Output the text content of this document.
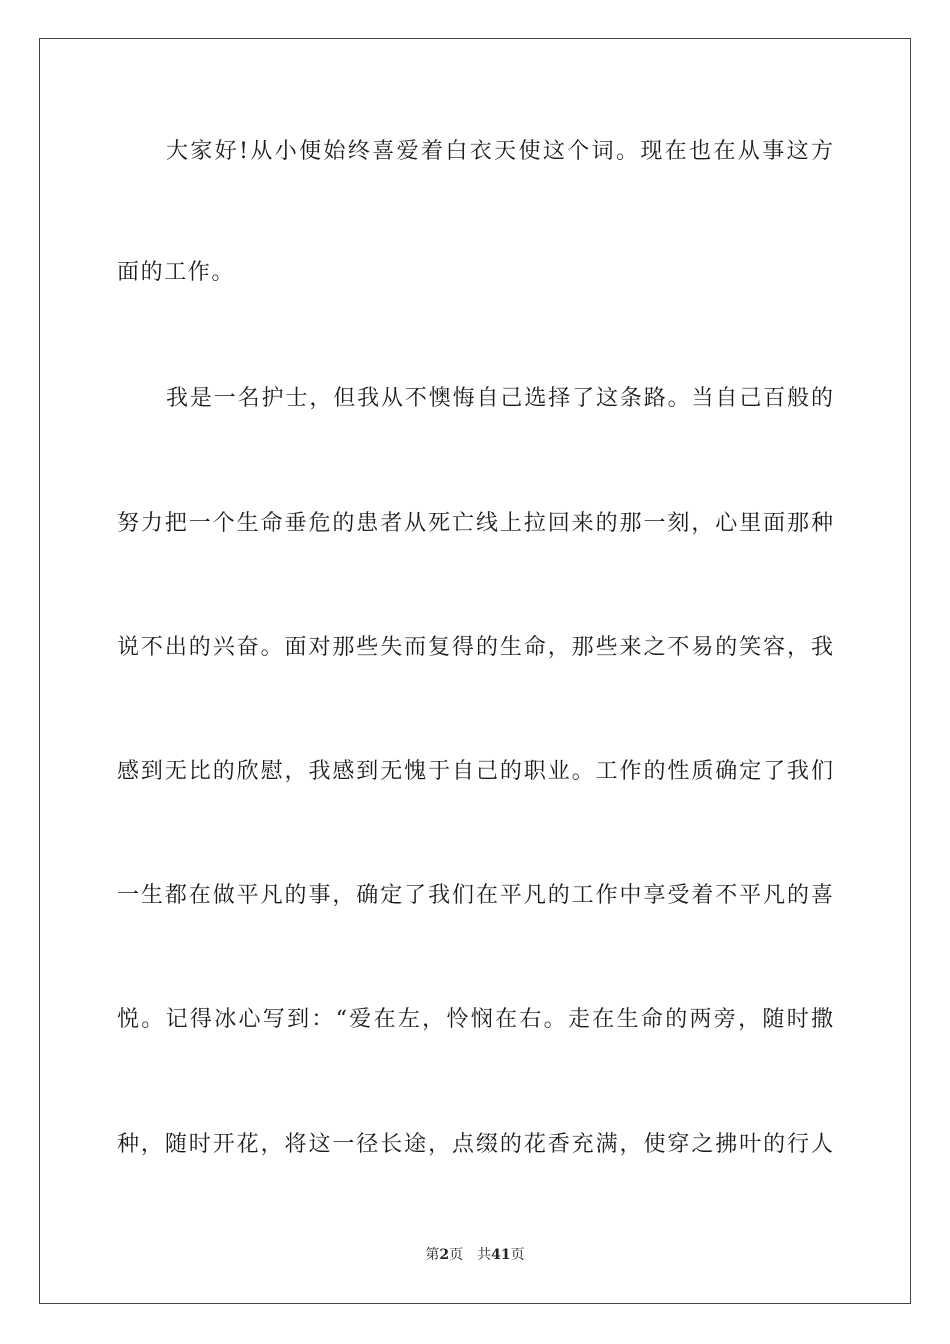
大家好!从小便始终喜爱着白衣天使这个词。现在也在从事这方
面的工作。
我是一名护士，但我从不懊悔自己选择了这条路。当自己百般的
努力把一个生命垂危的患者从死亡线上拉回来的那一刻，心里面那种
说不出的兴奋。面对那些失而复得的生命，那些来之不易的笑容，我
感到无比的欣慰，我感到无愧于自己的职业。工作的性质确定了我们
一生都在做平凡的事，确定了我们在平凡的工作中享受着不平凡的喜
悦。记得冰心写到：“爱在左，怜悯在右。走在生命的两旁，随时撒
种，随时开花，将这一径长途，点缀的花香充满，使穿之拂叶的行人
第2页 共41页
